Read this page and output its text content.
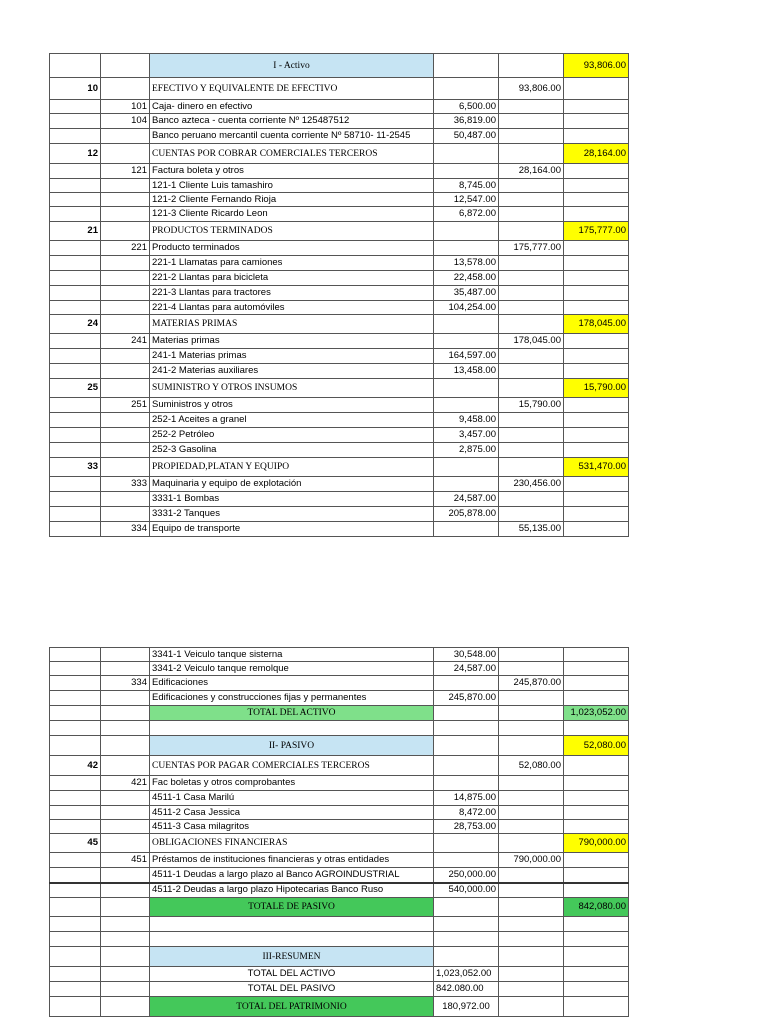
		I - Activo			93,806.00
10		EFECTIVO Y EQUIVALENTE DE EFECTIVO		93,806.00	
	101	Caja- dinero en efectivo	6,500.00		
	104	Banco azteca - cuenta corriente Nº 125487512	36,819.00		
		Banco peruano mercantil cuenta corriente Nº 58710- 11-2545	50,487.00		
12		CUENTAS POR COBRAR COMERCIALES TERCEROS			28,164.00
	121	Factura boleta y otros		28,164.00	
		121-1 Cliente Luis tamashiro	8,745.00		
		121-2 Cliente Fernando Rioja	12,547.00		
		121-3 Cliente Ricardo Leon	6,872.00		
21		PRODUCTOS TERMINADOS			175,777.00
	221	Producto terminados		175,777.00	
		221-1 Llamatas para camiones	13,578.00		
		221-2 Llantas para bicicleta	22,458.00		
		221-3 Llantas para tractores	35,487.00		
		221-4 Llantas para automóviles	104,254.00		
24		MATERIAS PRIMAS			178,045.00
	241	Materias primas		178,045.00	
		241-1 Materias primas	164,597.00		
		241-2 Materias auxiliares	13,458.00		
25		SUMINISTRO Y OTROS INSUMOS			15,790.00
	251	Suministros y otros		15,790.00	
		252-1 Aceites a granel	9,458.00		
		252-2 Petróleo	3,457.00		
		252-3 Gasolina	2,875.00		
33		PROPIEDAD,PLATAN Y EQUIPO			531,470.00
	333	Maquinaria y equipo de explotación		230,456.00	
		3331-1 Bombas	24,587.00		
		3331-2 Tanques	205,878.00		
	334	Equipo de transporte		55,135.00	
		3341-1 Veiculo tanque sisterna	30,548.00		
		3341-2 Veiculo tanque remolque	24,587.00		
	334	Edificaciones		245,870.00	
		Edificaciones y construcciones fijas y permanentes	245,870.00		
		TOTAL DEL ACTIVO			1,023,052.00

		II- PASIVO			52,080.00
42		CUENTAS POR PAGAR COMERCIALES TERCEROS		52,080.00	
	421	Fac boletas y otros comprobantes			
		4511-1 Casa Marilú	14,875.00		
		4511-2 Casa Jessica	8,472.00		
		4511-3 Casa milagritos	28,753.00		
45		OBLIGACIONES FINANCIERAS			790,000.00
	451	Préstamos de instituciones financieras y otras entidades		790,000.00	
		4511-1 Deudas a largo plazo al Banco AGROINDUSTRIAL	250,000.00		
		4511-2 Deudas a largo plazo Hipotecarias Banco Ruso	540,000.00		
		TOTALE DE PASIVO			842,080.00

		III-RESUMEN			
		TOTAL DEL ACTIVO	1,023,052.00		
		TOTAL DEL PASIVO	842.080.00		
		TOTAL DEL PATRIMONIO	180,972.00		
